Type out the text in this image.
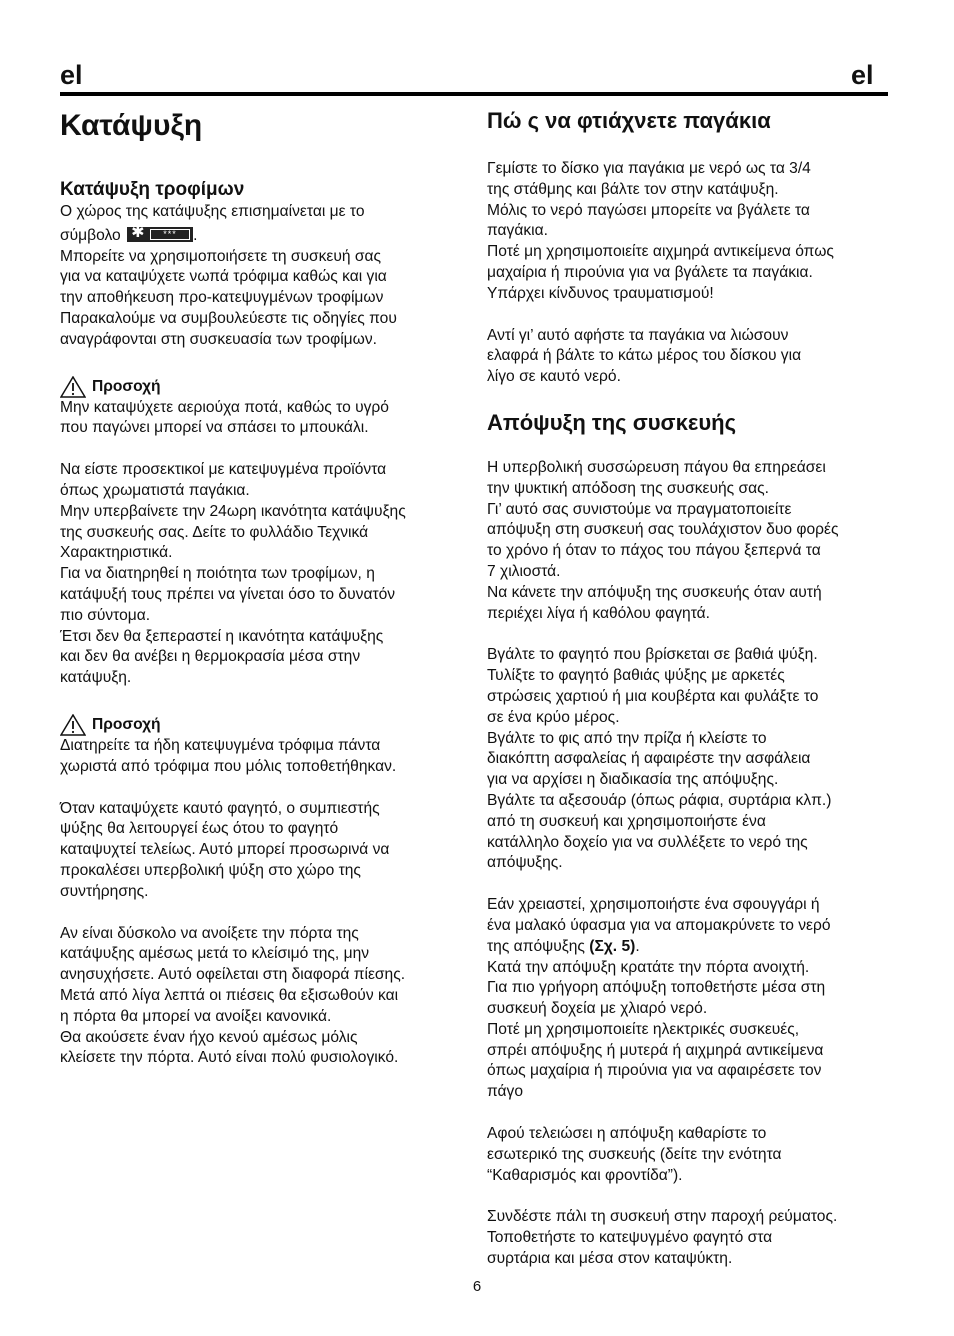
el	el
Κατάψυξη
Κατάψυξη τροφίμων
Ο χώρος της κατάψυξης επισημαίνεται με το
σύμβολο ✱	***	.
Μπορείτε να χρησιμοποιήσετε τη συσκευή σας
για να καταψύχετε νωπά τρόφιμα καθώς και για
την αποθήκευση προ-κατεψυγμένων τροφίμων
Παρακαλούμε να συμβουλεύεστε τις οδηγίες που
αναγράφονται στη συσκευασία των τροφίμων.
Προσοχή
Μην καταψύχετε αεριούχα ποτά, καθώς το υγρό
που παγώνει μπορεί να σπάσει το μπουκάλι.
Να είστε προσεκτικοί με κατεψυγμένα προϊόντα
όπως χρωματιστά παγάκια.
Μην υπερβαίνετε την 24ωρη ικανότητα κατάψυξης
της συσκευής σας. Δείτε το φυλλάδιο Τεχνικά
Χαρακτηριστικά.
Για να διατηρηθεί η ποιότητα των τροφίμων, η
κατάψυξή τους πρέπει να γίνεται όσο το δυνατόν
πιο σύντομα.
Έτσι δεν θα ξεπεραστεί η ικανότητα κατάψυξης
και δεν θα ανέβει η θερμοκρασία μέσα στην
κατάψυξη.
Προσοχή
Διατηρείτε τα ήδη κατεψυγμένα τρόφιμα πάντα
χωριστά από τρόφιμα που μόλις τοποθετήθηκαν.
Όταν καταψύχετε καυτό φαγητό, ο συμπιεστής
ψύξης θα λειτουργεί έως ότου το φαγητό
καταψυχτεί τελείως. Αυτό μπορεί προσωρινά να
προκαλέσει υπερβολική ψύξη στο χώρο της
συντήρησης.
Αν είναι δύσκολο να ανοίξετε την πόρτα της
κατάψυξης αμέσως μετά το κλείσιμό της, μην
ανησυχήσετε. Αυτό οφείλεται στη διαφορά πίεσης.
Μετά από λίγα λεπτά οι πιέσεις θα εξισωθούν και
η πόρτα θα μπορεί να ανοίξει κανονικά.
Θα ακούσετε έναν ήχο κενού αμέσως μόλις
κλείσετε την πόρτα. Αυτό είναι πολύ φυσιολογικό.
Πώ ς να φτιάχνετε παγάκια
Γεμίστε το δίσκο για παγάκια με νερό ως τα 3/4
της στάθμης και βάλτε τον στην κατάψυξη.
Μόλις το νερό παγώσει μπορείτε να βγάλετε τα
παγάκια.
Ποτέ μη χρησιμοποιείτε αιχμηρά αντικείμενα όπως
μαχαίρια ή πιρούνια για να βγάλετε τα παγάκια.
Υπάρχει κίνδυνος τραυματισμού!
Αντί γι’ αυτό αφήστε τα παγάκια να λιώσουν
ελαφρά ή βάλτε το κάτω μέρος του δίσκου για
λίγο σε καυτό νερό.
Απόψυξη της συσκευής
Η υπερβολική συσσώρευση πάγου θα επηρεάσει
την ψυκτική απόδοση της συσκευής σας.
Γι’ αυτό σας συνιστούμε να πραγματοποιείτε
απόψυξη στη συσκευή σας τουλάχιστον δυο φορές
το χρόνο ή όταν το πάχος του πάγου ξεπερνά τα
7 χιλιοστά.
Να κάνετε την απόψυξη της συσκευής όταν αυτή
περιέχει λίγα ή καθόλου φαγητά.
Βγάλτε το φαγητό που βρίσκεται σε βαθιά ψύξη.
Τυλίξτε το φαγητό βαθιάς ψύξης με αρκετές
στρώσεις χαρτιού ή μια κουβέρτα και φυλάξτε το
σε ένα κρύο μέρος.
Βγάλτε το φις από την πρίζα ή κλείστε το
διακόπτη ασφαλείας ή αφαιρέστε την ασφάλεια
για να αρχίσει η διαδικασία της απόψυξης.
Βγάλτε τα αξεσουάρ (όπως ράφια, συρτάρια κλπ.)
από τη συσκευή και χρησιμοποιήστε ένα
κατάλληλο δοχείο για να συλλέξετε το νερό της
απόψυξης.
Εάν χρειαστεί, χρησιμοποιήστε ένα σφουγγάρι ή
ένα μαλακό ύφασμα για να απομακρύνετε το νερό
της απόψυξης (Σχ. 5).
Κατά την απόψυξη κρατάτε την πόρτα ανοιχτή.
Για πιο γρήγορη απόψυξη τοποθετήστε μέσα στη
συσκευή δοχεία με χλιαρό νερό.
Ποτέ μη χρησιμοποιείτε ηλεκτρικές συσκευές,
σπρέι απόψυξης ή μυτερά ή αιχμηρά αντικείμενα
όπως μαχαίρια ή πιρούνια για να αφαιρέσετε τον
πάγο
Αφού τελειώσει η απόψυξη καθαρίστε το
εσωτερικό της συσκευής (δείτε την ενότητα
“Καθαρισμός και φροντίδα”).
Συνδέστε πάλι τη συσκευή στην παροχή ρεύματος.
Τοποθετήστε το κατεψυγμένο φαγητό στα
συρτάρια και μέσα στον καταψύκτη.
6
